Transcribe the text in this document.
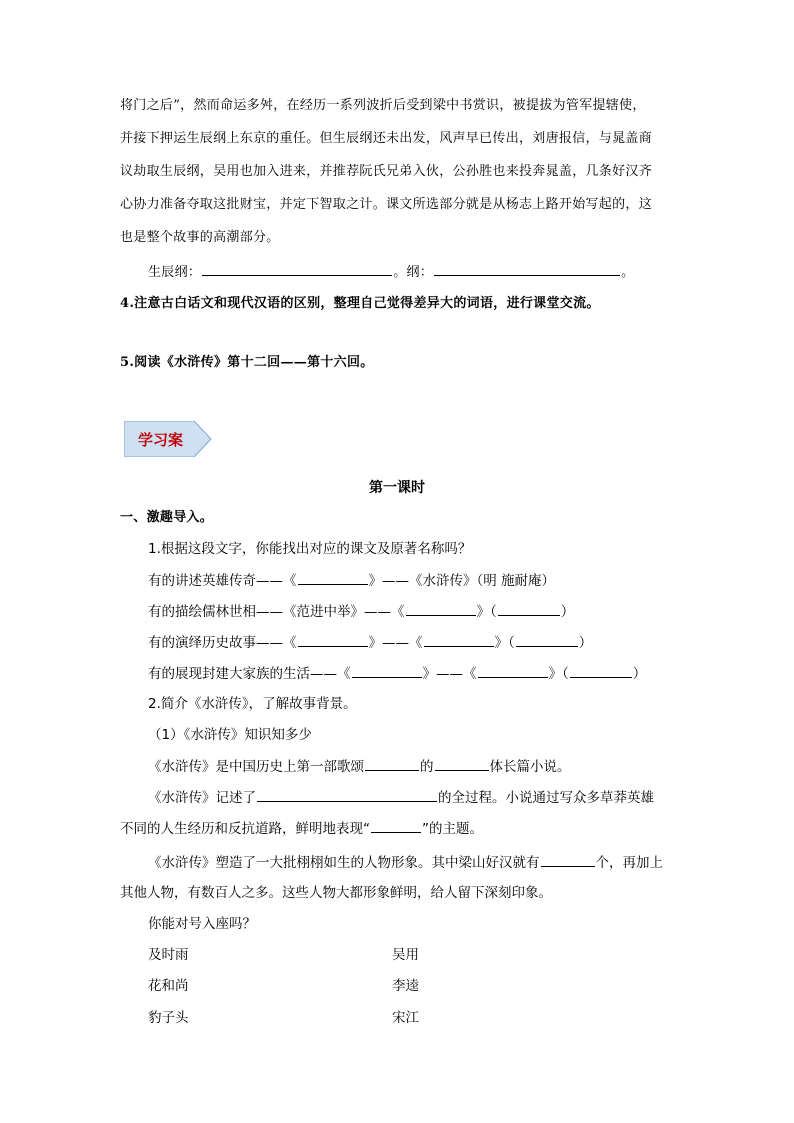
将门之后”，然而命运多舛，在经历一系列波折后受到梁中书赏识，被提拔为管军提辖使，
并接下押运生辰纲上东京的重任。但生辰纲还未出发，风声早已传出，刘唐报信，与晁盖商
议劫取生辰纲，吴用也加入进来，并推荐阮氏兄弟入伙，公孙胜也来投奔晁盖，几条好汉齐
心协力准备夺取这批财宝，并定下智取之计。课文所选部分就是从杨志上路开始写起的，这
也是整个故事的高潮部分。
生辰纲：	。纲：	。
4.注意古白话文和现代汉语的区别，整理自己觉得差异大的词语，进行课堂交流。
5.阅读《水浒传》第十二回——第十六回。
学习案
第一课时
一、激趣导入。
1.根据这段文字，你能找出对应的课文及原著名称吗？
有的讲述英雄传奇——《	》——《水浒传》（明 施耐庵）
有的描绘儒林世相——《范进中举》——《	》（	）
有的演绎历史故事——《	》——《	》（	）
有的展现封建大家族的生活——《	》——《	》（	）
2.简介《水浒传》，了解故事背景。
（1）《水浒传》知识知多少
《水浒传》是中国历史上第一部歌颂	的	体长篇小说。
《水浒传》记述了	的全过程。小说通过写众多草莽英雄
不同的人生经历和反抗道路，鲜明地表现“	”的主题。
《水浒传》塑造了一大批栩栩如生的人物形象。其中梁山好汉就有	个，再加上
其他人物，有数百人之多。这些人物大都形象鲜明，给人留下深刻印象。
你能对号入座吗？
及时雨	吴用
花和尚	李逵
豹子头	宋江
